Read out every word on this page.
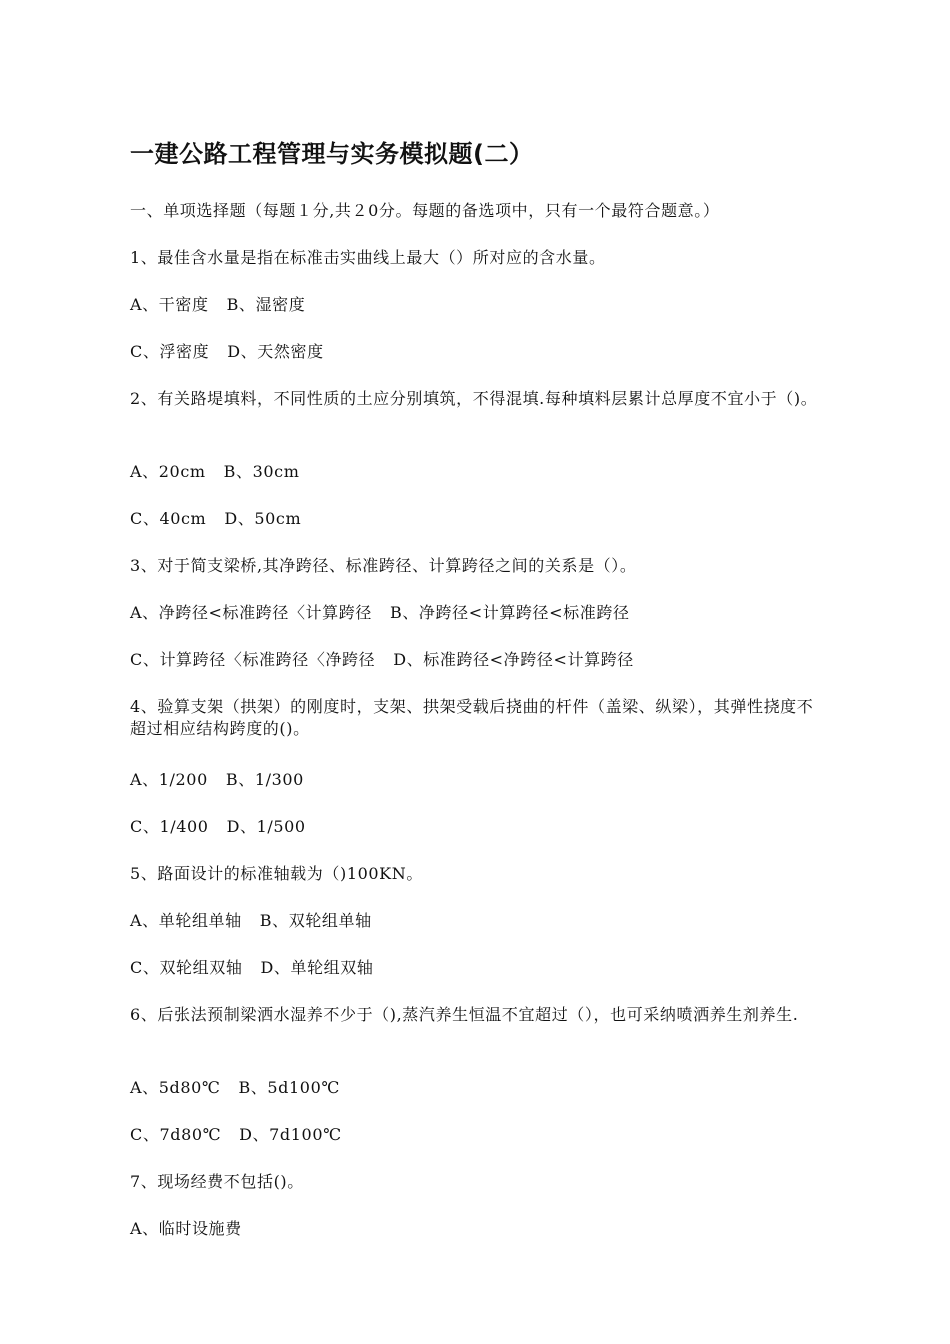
一建公路工程管理与实务模拟题(二）
一、单项选择题（每题１分,共２0分。每题的备选项中，只有一个最符合题意。）
1、最佳含水量是指在标准击实曲线上最大（）所对应的含水量。
A、干密度 B、湿密度
C、浮密度 D、天然密度
2、有关路堤填料，不同性质的土应分别填筑，不得混填.每种填料层累计总厚度不宜小于（)。
A、20cm B、30cm
C、40cm D、50cm
3、对于简支梁桥,其净跨径、标准跨径、计算跨径之间的关系是（）。
A、净跨径<标准跨径〈计算跨径 B、净跨径<计算跨径<标准跨径
C、计算跨径〈标准跨径〈净跨径 D、标准跨径<净跨径<计算跨径
4、验算支架（拱架）的刚度时，支架、拱架受载后挠曲的杆件（盖梁、纵梁），其弹性挠度不超过相应结构跨度的()。
A、1/200 B、1/300
C、1/400 D、1/500
5、路面设计的标准轴载为（)100KN。
A、单轮组单轴 B、双轮组单轴
C、双轮组双轴 D、单轮组双轴
6、后张法预制梁洒水湿养不少于（),蒸汽养生恒温不宜超过（），也可采纳喷洒养生剂养生.
A、5d80℃ B、5d100℃
C、7d80℃ D、7d100℃
7、现场经费不包括()。
A、临时设施费
